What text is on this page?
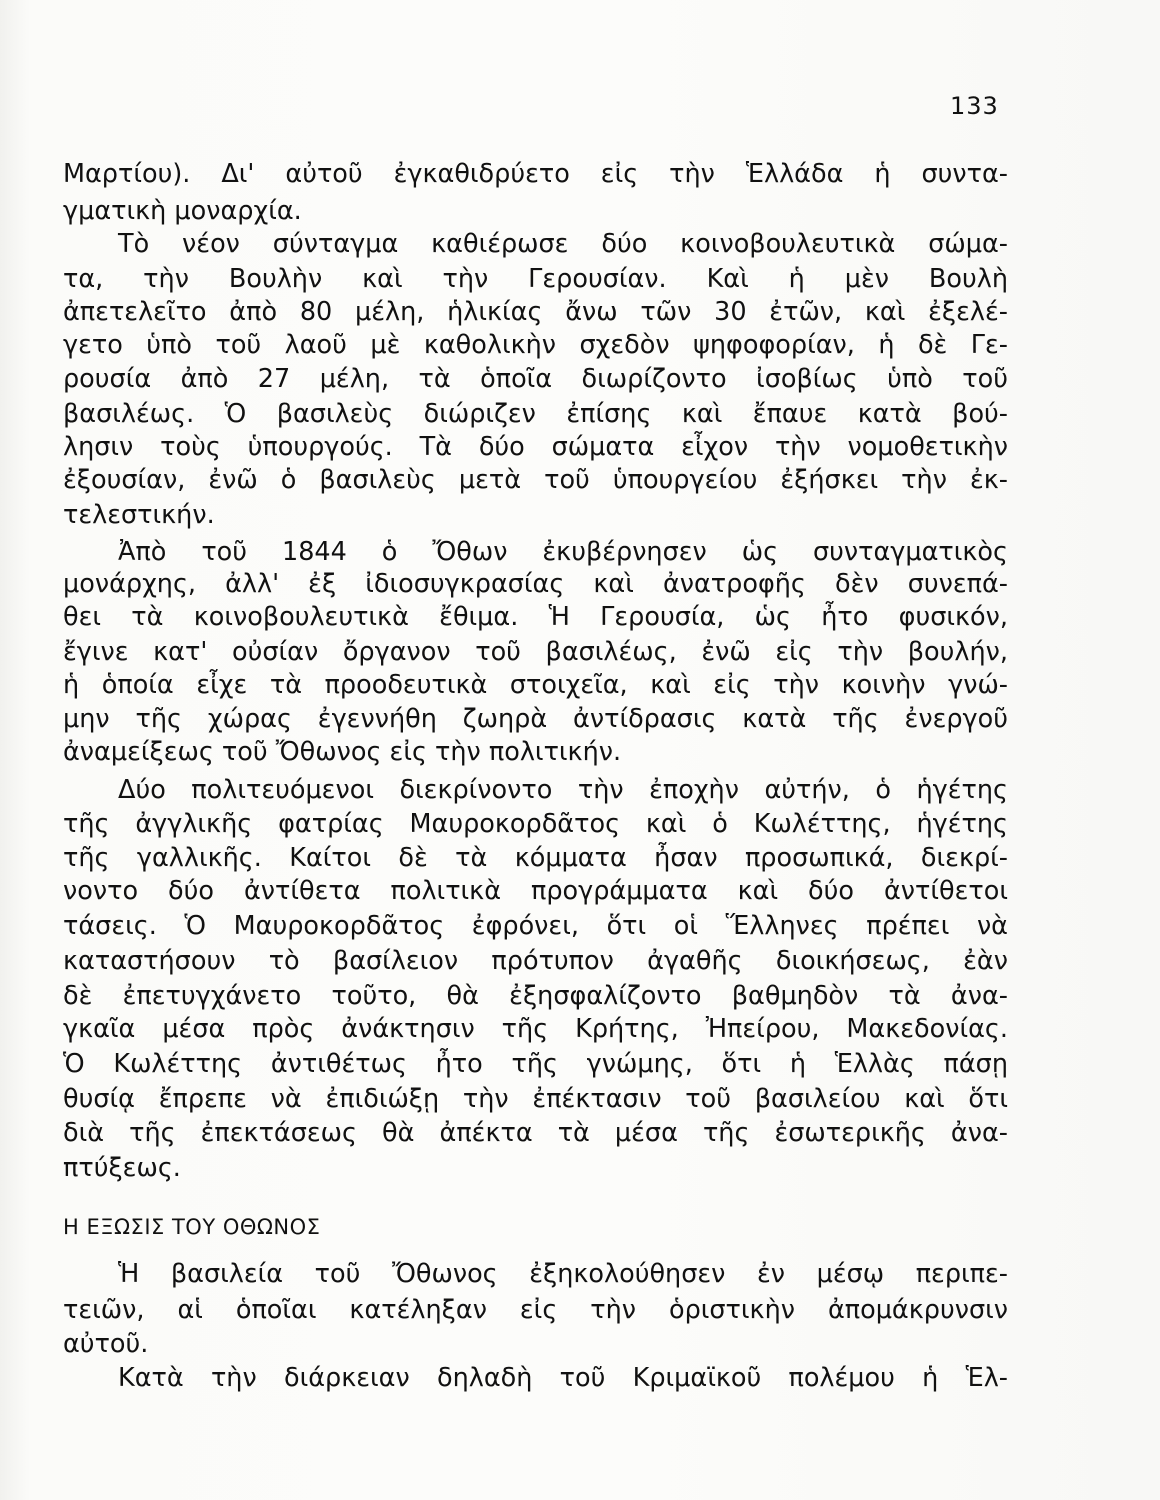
133
Μαρτίου). Δι' αὐτοῦ ἐγκαθιδρύετο εἰς τὴν Ἑλλάδα ἡ συντα-
γματικὴ μοναρχία.
Τὸ νέον σύνταγμα καθιέρωσε δύο κοινοβουλευτικὰ σώμα-
τα, τὴν Βουλὴν καὶ τὴν Γερουσίαν. Καὶ ἡ μὲν Βουλὴ
ἀπετελεῖτο ἀπὸ 80 μέλη, ἡλικίας ἄνω τῶν 30 ἐτῶν, καὶ ἐξελέ-
γετο ὑπὸ τοῦ λαοῦ μὲ καθολικὴν σχεδὸν ψηφοφορίαν, ἡ δὲ Γε-
ρουσία ἀπὸ 27 μέλη, τὰ ὁποῖα διωρίζοντο ἰσοβίως ὑπὸ τοῦ
βασιλέως. Ὁ βασιλεὺς διώριζεν ἐπίσης καὶ ἔπαυε κατὰ βού-
λησιν τοὺς ὑπουργούς. Τὰ δύο σώματα εἶχον τὴν νομοθετικὴν
ἐξουσίαν, ἐνῶ ὁ βασιλεὺς μετὰ τοῦ ὑπουργείου ἐξήσκει τὴν ἐκ-
τελεστικήν.
Ἀπὸ τοῦ 1844 ὁ Ὄθων ἐκυβέρνησεν ὡς συνταγματικὸς
μονάρχης, ἀλλ' ἐξ ἰδιοσυγκρασίας καὶ ἀνατροφῆς δὲν συνεπά-
θει τὰ κοινοβουλευτικὰ ἔθιμα. Ἡ Γερουσία, ὡς ἦτο φυσικόν,
ἔγινε κατ' οὐσίαν ὄργανον τοῦ βασιλέως, ἐνῶ εἰς τὴν βουλήν,
ἡ ὁποία εἶχε τὰ προοδευτικὰ στοιχεῖα, καὶ εἰς τὴν κοινὴν γνώ-
μην τῆς χώρας ἐγεννήθη ζωηρὰ ἀντίδρασις κατὰ τῆς ἐνεργοῦ
ἀναμείξεως τοῦ Ὄθωνος εἰς τὴν πολιτικήν.
Δύο πολιτευόμενοι διεκρίνοντο τὴν ἐποχὴν αὐτήν, ὁ ἡγέτης
τῆς ἀγγλικῆς φατρίας Μαυροκορδᾶτος καὶ ὁ Κωλέττης, ἡγέτης
τῆς γαλλικῆς. Καίτοι δὲ τὰ κόμματα ἦσαν προσωπικά, διεκρί-
νοντο δύο ἀντίθετα πολιτικὰ προγράμματα καὶ δύο ἀντίθετοι
τάσεις. Ὁ Μαυροκορδᾶτος ἐφρόνει, ὅτι οἱ Ἕλληνες πρέπει νὰ
καταστήσουν τὸ βασίλειον πρότυπον ἀγαθῆς διοικήσεως, ἐὰν
δὲ ἐπετυγχάνετο τοῦτο, θὰ ἐξησφαλίζοντο βαθμηδὸν τὰ ἀνα-
γκαῖα μέσα πρὸς ἀνάκτησιν τῆς Κρήτης, Ἠπείρου, Μακεδονίας.
Ὁ Κωλέττης ἀντιθέτως ἦτο τῆς γνώμης, ὅτι ἡ Ἑλλὰς πάσῃ
θυσίᾳ ἔπρεπε νὰ ἐπιδιώξῃ τὴν ἐπέκτασιν τοῦ βασιλείου καὶ ὅτι
διὰ τῆς ἐπεκτάσεως θὰ ἀπέκτα τὰ μέσα τῆς ἐσωτερικῆς ἀνα-
πτύξεως.
Η ΕΞΩΣΙΣ ΤΟΥ ΟΘΩΝΟΣ
Ἡ βασιλεία τοῦ Ὄθωνος ἐξηκολούθησεν ἐν μέσῳ περιπε-
τειῶν, αἱ ὁποῖαι κατέληξαν εἰς τὴν ὁριστικὴν ἀπομάκρυνσιν
αὐτοῦ.
Κατὰ τὴν διάρκειαν δηλαδὴ τοῦ Κριμαϊκοῦ πολέμου ἡ Ἑλ-
